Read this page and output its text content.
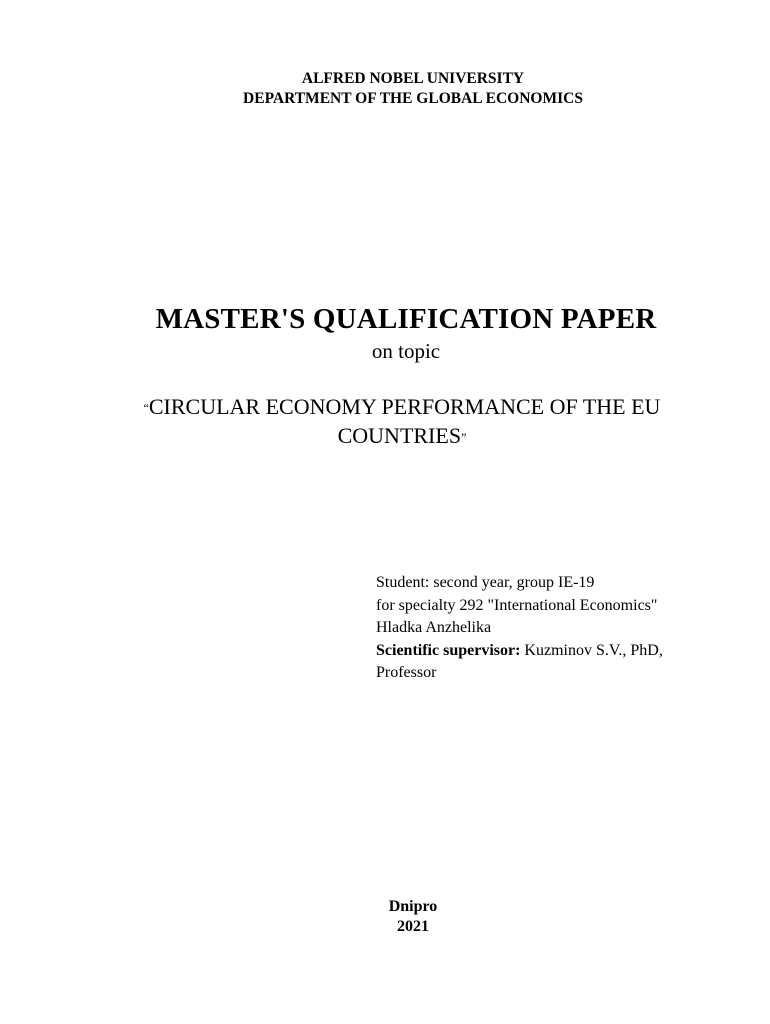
ALFRED NOBEL UNIVERSITY
DEPARTMENT OF THE GLOBAL ECONOMICS
MASTER'S QUALIFICATION PAPER
on topic
“CIRCULAR ECONOMY PERFORMANCE OF THE EU
COUNTRIES”
Student: second year, group IE-19
for specialty 292 "International Economics"
Hladka Anzhelika
Scientific supervisor: Kuzminov S.V., PhD,
Professor
Dnipro
2021
